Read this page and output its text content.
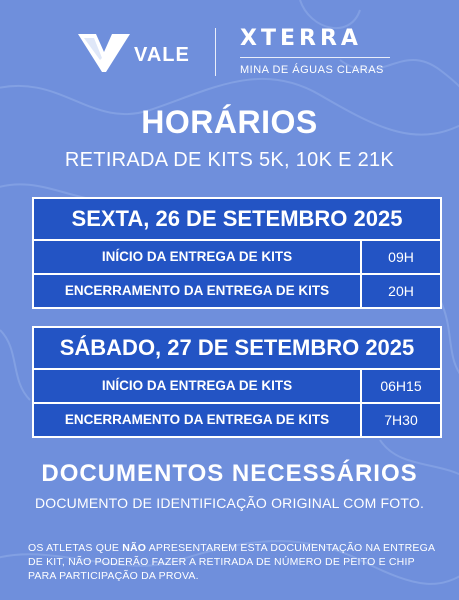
VALE
XTERRA
MINA DE ÁGUAS CLARAS
HORÁRIOS
RETIRADA DE KITS 5K, 10K E 21K
SEXTA, 26 DE SETEMBRO 2025
INÍCIO DA ENTREGA DE KITS	09H
ENCERRAMENTO DA ENTREGA DE KITS	20H
SÁBADO, 27 DE SETEMBRO 2025
INÍCIO DA ENTREGA DE KITS	06H15
ENCERRAMENTO DA ENTREGA DE KITS	7H30
DOCUMENTOS NECESSÁRIOS
DOCUMENTO DE IDENTIFICAÇÃO ORIGINAL COM FOTO.
OS ATLETAS QUE NÃO APRESENTAREM ESTA DOCUMENTAÇÃO NA ENTREGA DE KIT, NÃO PODERÃO FAZER A RETIRADA DE NÚMERO DE PEITO E CHIP PARA PARTICIPAÇÃO DA PROVA.
